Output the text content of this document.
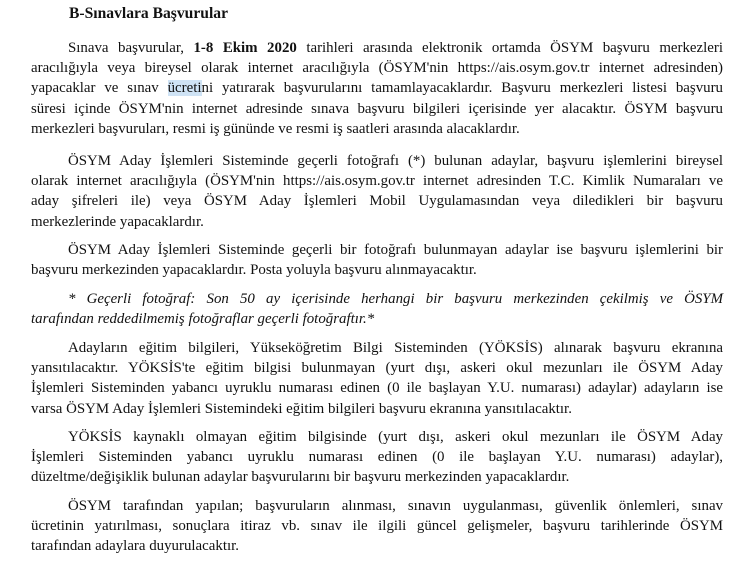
B-Sınavlara Başvurular
Sınava başvurular, 1-8 Ekim 2020 tarihleri arasında elektronik ortamda ÖSYM başvuru merkezleri
aracılığıyla veya bireysel olarak internet aracılığıyla (ÖSYM'nin https://ais.osym.gov.tr internet adresinden)
yapacaklar ve sınav ücretini yatırarak başvurularını tamamlayacaklardır. Başvuru merkezleri listesi başvuru
süresi içinde ÖSYM'nin internet adresinde sınava başvuru bilgileri içerisinde yer alacaktır. ÖSYM başvuru
merkezleri başvuruları, resmi iş gününde ve resmi iş saatleri arasında alacaklardır.
ÖSYM Aday İşlemleri Sisteminde geçerli fotoğrafı (*) bulunan adaylar, başvuru işlemlerini bireysel
olarak internet aracılığıyla (ÖSYM'nin https://ais.osym.gov.tr internet adresinden T.C. Kimlik Numaraları ve
aday şifreleri ile) veya ÖSYM Aday İşlemleri Mobil Uygulamasından veya diledikleri bir başvuru
merkezlerinde yapacaklardır.
ÖSYM Aday İşlemleri Sisteminde geçerli bir fotoğrafı bulunmayan adaylar ise başvuru işlemlerini bir
başvuru merkezinden yapacaklardır. Posta yoluyla başvuru alınmayacaktır.
* Geçerli fotoğraf: Son 50 ay içerisinde herhangi bir başvuru merkezinden çekilmiş ve ÖSYM
tarafından reddedilmemiş fotoğraflar geçerli fotoğraftır.*
Adayların eğitim bilgileri, Yükseköğretim Bilgi Sisteminden (YÖKSİS) alınarak başvuru ekranına
yansıtılacaktır. YÖKSİS'te eğitim bilgisi bulunmayan (yurt dışı, askeri okul mezunları ile ÖSYM Aday
İşlemleri Sisteminden yabancı uyruklu numarası edinen (0 ile başlayan Y.U. numarası) adaylar) adayların ise
varsa ÖSYM Aday İşlemleri Sistemindeki eğitim bilgileri başvuru ekranına yansıtılacaktır.
YÖKSİS kaynaklı olmayan eğitim bilgisinde (yurt dışı, askeri okul mezunları ile ÖSYM Aday
İşlemleri Sisteminden yabancı uyruklu numarası edinen (0 ile başlayan Y.U. numarası) adaylar),
düzeltme/değişiklik bulunan adaylar başvurularını bir başvuru merkezinden yapacaklardır.
ÖSYM tarafından yapılan; başvuruların alınması, sınavın uygulanması, güvenlik önlemleri, sınav
ücretinin yatırılması, sonuçlara itiraz vb. sınav ile ilgili güncel gelişmeler, başvuru tarihlerinde ÖSYM
tarafından adaylara duyurulacaktır.
